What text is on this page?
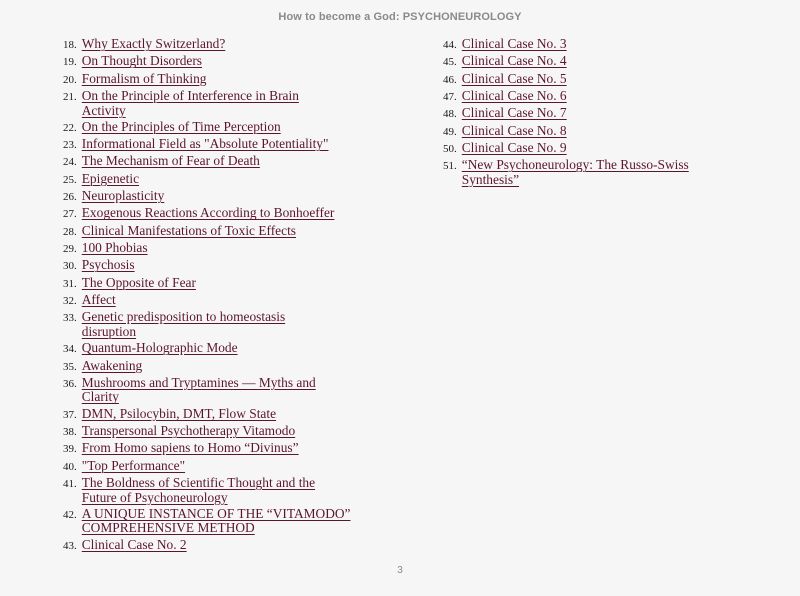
How to become a God: PSYCHONEUROLOGY
18. Why Exactly Switzerland?
19. On Thought Disorders
20. Formalism of Thinking
21. On the Principle of Interference in Brain
Activity
22. On the Principles of Time Perception
23. Informational Field as "Absolute Potentiality"
24. The Mechanism of Fear of Death
25. Epigenetic
26. Neuroplasticity
27. Exogenous Reactions According to Bonhoeffer
28. Clinical Manifestations of Toxic Effects
29. 100 Phobias
30. Psychosis
31. The Opposite of Fear
32. Affect
33. Genetic predisposition to homeostasis
disruption
34. Quantum-Holographic Mode
35. Awakening
36. Mushrooms and Tryptamines — Myths and
Clarity
37. DMN, Psilocybin, DMT, Flow State
38. Transpersonal Psychotherapy Vitamodo
39. From Homo sapiens to Homo “Divinus”
40. "Top Performance"
41. The Boldness of Scientific Thought and the
Future of Psychoneurology
42. A UNIQUE INSTANCE OF THE “VITAMODO”
COMPREHENSIVE METHOD
43. Clinical Case No. 2
44. Clinical Case No. 3
45. Clinical Case No. 4
46. Clinical Case No. 5
47. Clinical Case No. 6
48. Clinical Case No. 7
49. Clinical Case No. 8
50. Clinical Case No. 9
51. “New Psychoneurology: The Russo-Swiss
Synthesis”
3
